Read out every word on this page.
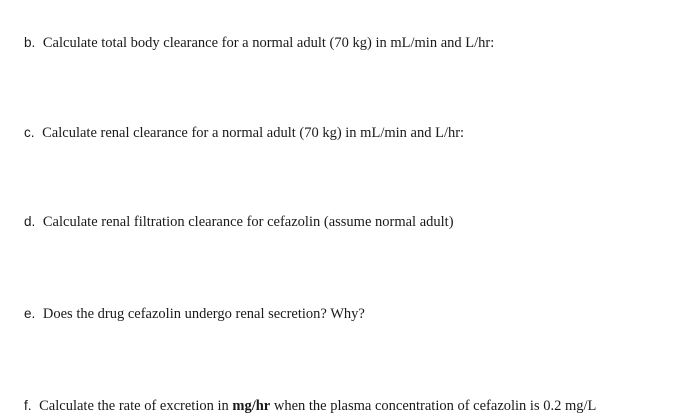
b. Calculate total body clearance for a normal adult (70 kg) in mL/min and L/hr:
c. Calculate renal clearance for a normal adult (70 kg) in mL/min and L/hr:
d. Calculate renal filtration clearance for cefazolin (assume normal adult)
e. Does the drug cefazolin undergo renal secretion? Why?
f. Calculate the rate of excretion in mg/hr when the plasma concentration of cefazolin is 0.2 mg/L
